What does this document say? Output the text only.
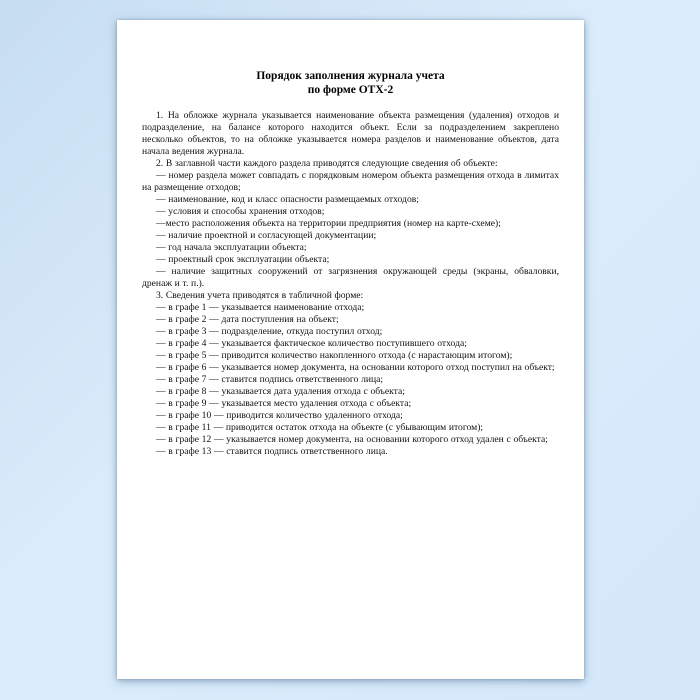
Порядок заполнения журнала учета
по форме ОТХ-2

1. На обложке журнала указывается наименование объекта размещения (удаления) отходов и подразделение, на балансе которого находится объект. Если за подразделением закреплено несколько объектов, то на обложке указывается номера разделов и наименование объектов, дата начала ведения журнала.

2. В заглавной части каждого раздела приводятся следующие сведения об объекте:

— номер раздела может совпадать с порядковым номером объекта размещения отхода в лимитах на размещение отходов;

— наименование, код и класс опасности размещаемых отходов;

— условия и способы хранения отходов;

—место расположения объекта на территории предприятия (номер на карте-схеме);

— наличие проектной и согласующей документации;

— год начала эксплуатации объекта;

— проектный срок эксплуатации объекта;

— наличие защитных сооружений от загрязнения окружающей среды (экраны, обваловки, дренаж и т. п.).

3. Сведения учета приводятся в табличной форме:

— в графе 1 — указывается наименование отхода;

— в графе 2 — дата поступления на объект;

— в графе 3 — подразделение, откуда поступил отход;

— в графе 4 — указывается фактическое количество поступившего отхода;

— в графе 5 — приводится количество накопленного отхода (с нарастающим итогом);

— в графе 6 — указывается номер документа, на основании которого отход поступил на объект;

— в графе 7 — ставится подпись ответственного лица;

— в графе 8 — указывается дата удаления отхода с объекта;

— в графе 9 — указывается место удаления отхода с объекта;

— в графе 10 — приводится количество удаленного отхода;

— в графе 11 — приводится остаток отхода на объекте (с убывающим итогом);

— в графе 12 — указывается номер документа, на основании которого отход удален с объекта;

— в графе 13 — ставится подпись ответственного лица.
